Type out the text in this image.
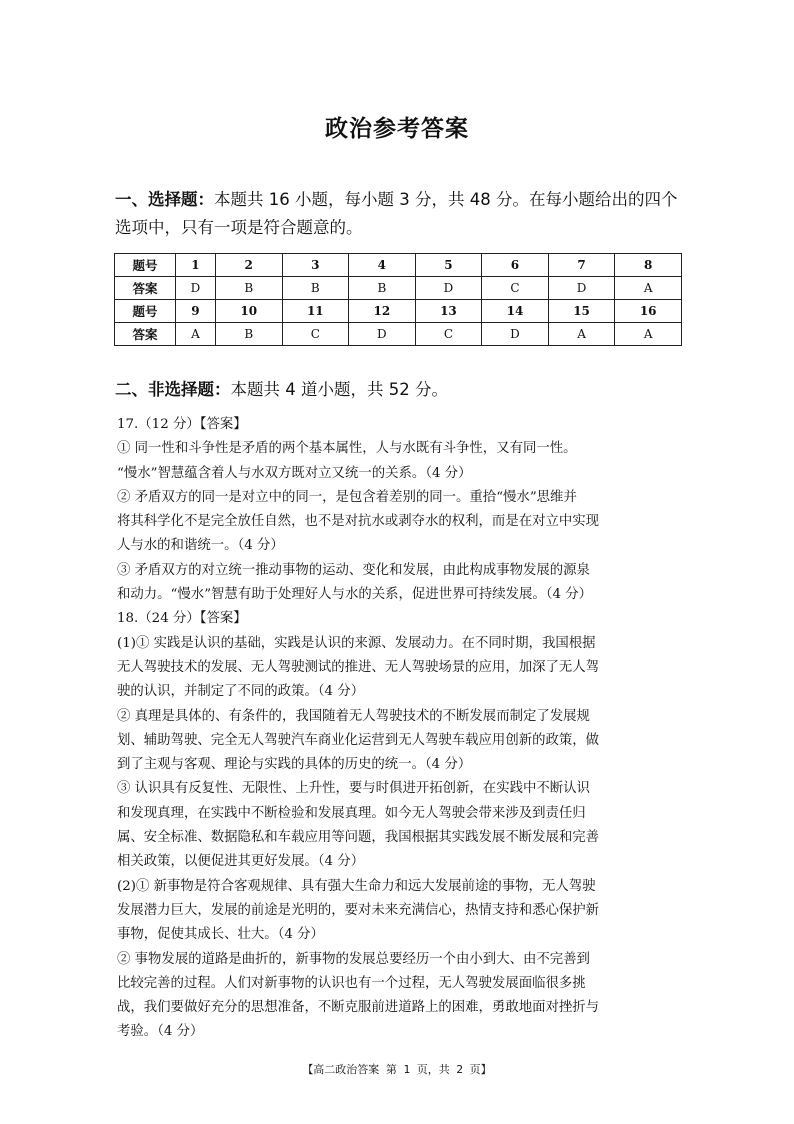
政治参考答案
一、选择题：本题共 16 小题，每小题 3 分，共 48 分。在每小题给出的四个选项中，只有一项是符合题意的。
题号	1	2	3	4	5	6	7	8
答案	D	B	B	B	D	C	D	A
题号	9	10	11	12	13	14	15	16
答案	A	B	C	D	C	D	A	A
二、非选择题：本题共 4 道小题，共 52 分。

17.（12 分）【答案】

① 同一性和斗争性是矛盾的两个基本属性，人与水既有斗争性，又有同一性。

“慢水”智慧蕴含着人与水双方既对立又统一的关系。（4 分）

② 矛盾双方的同一是对立中的同一，是包含着差别的同一。重拾“慢水”思维并

将其科学化不是完全放任自然，也不是对抗水或剥夺水的权利，而是在对立中实现

人与水的和谐统一。（4 分）

③ 矛盾双方的对立统一推动事物的运动、变化和发展，由此构成事物发展的源泉

和动力。“慢水”智慧有助于处理好人与水的关系，促进世界可持续发展。（4 分）

18.（24 分）【答案】

(1)① 实践是认识的基础，实践是认识的来源、发展动力。在不同时期，我国根据

无人驾驶技术的发展、无人驾驶测试的推进、无人驾驶场景的应用，加深了无人驾

驶的认识，并制定了不同的政策。（4 分）

② 真理是具体的、有条件的，我国随着无人驾驶技术的不断发展而制定了发展规

划、辅助驾驶、完全无人驾驶汽车商业化运营到无人驾驶车载应用创新的政策，做

到了主观与客观、理论与实践的具体的历史的统一。（4 分）

③ 认识具有反复性、无限性、上升性，要与时俱进开拓创新，在实践中不断认识

和发现真理，在实践中不断检验和发展真理。如今无人驾驶会带来涉及到责任归

属、安全标准、数据隐私和车载应用等问题，我国根据其实践发展不断发展和完善

相关政策，以便促进其更好发展。（4 分）

(2)① 新事物是符合客观规律、具有强大生命力和远大发展前途的事物，无人驾驶

发展潜力巨大，发展的前途是光明的，要对未来充满信心，热情支持和悉心保护新

事物，促使其成长、壮大。（4 分）

② 事物发展的道路是曲折的，新事物的发展总要经历一个由小到大、由不完善到

比较完善的过程。人们对新事物的认识也有一个过程，无人驾驶发展面临很多挑

战，我们要做好充分的思想准备，不断克服前进道路上的困难，勇敢地面对挫折与

考验。（4 分）

【高二政治答案 第 1 页，共 2 页】
